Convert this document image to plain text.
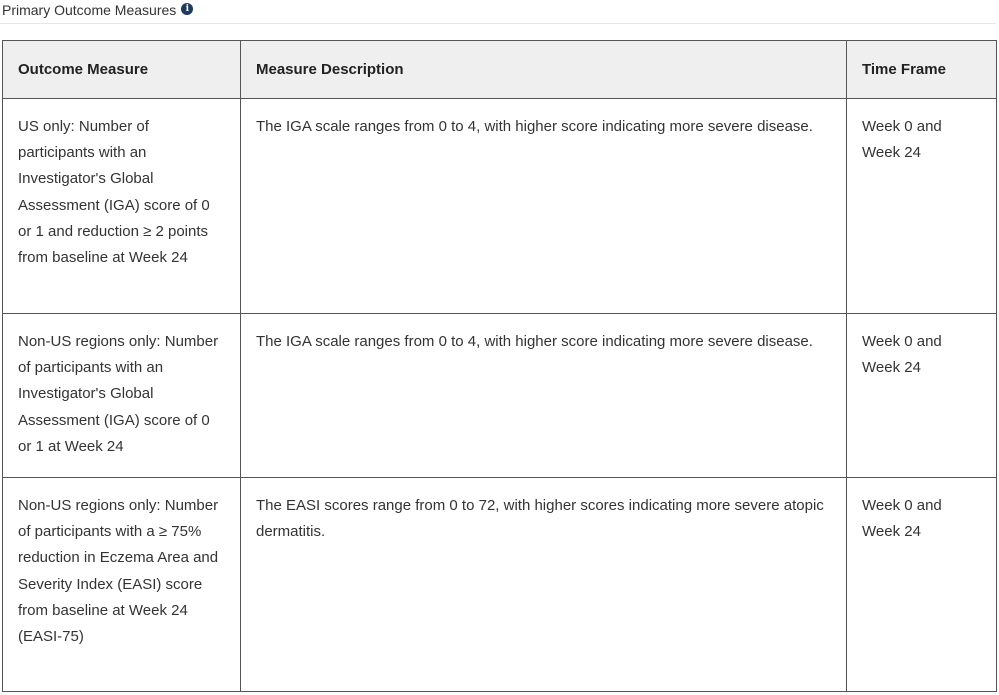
Primary Outcome Measures	i
Outcome Measure	Measure Description	Time Frame
US only: Number of participants with an Investigator's Global Assessment (IGA) score of 0 or 1 and reduction ≥ 2 points from baseline at Week 24	The IGA scale ranges from 0 to 4, with higher score indicating more severe disease.	Week 0 and Week 24
Non-US regions only: Number of participants with an Investigator's Global Assessment (IGA) score of 0 or 1 at Week 24	The IGA scale ranges from 0 to 4, with higher score indicating more severe disease.	Week 0 and Week 24
Non-US regions only: Number of participants with a ≥ 75% reduction in Eczema Area and Severity Index (EASI) score from baseline at Week 24 (EASI-75)	The EASI scores range from 0 to 72, with higher scores indicating more severe atopic dermatitis.	Week 0 and Week 24
